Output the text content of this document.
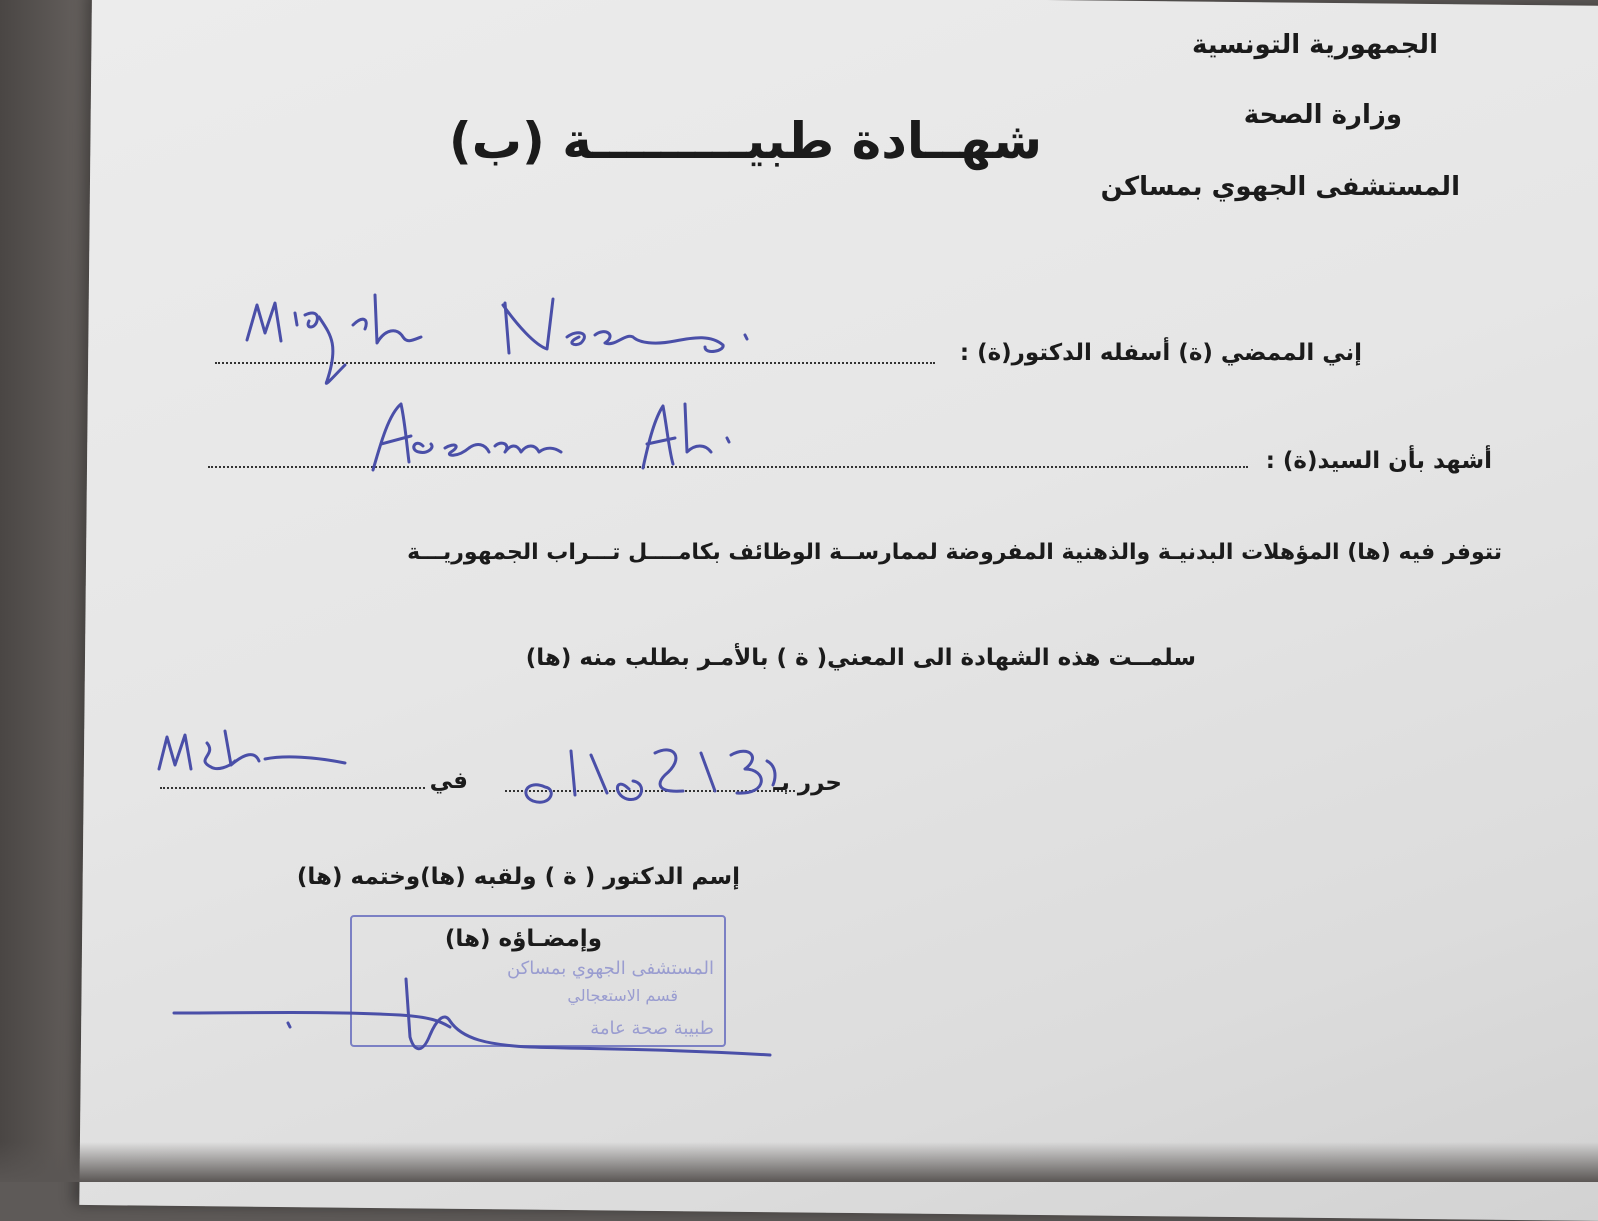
الجمهورية التونسية
وزارة الصحة
المستشفى الجهوي بمساكن
شهــادة طبيـــــــــة (ب)
إني الممضي (ة) أسفله الدكتور(ة) :
أشهد بأن السيد(ة) :
تتوفر فيه (ها) المؤهلات البدنيـة والذهنية المفروضة لممارســة الوظائف بكامــــل تـــراب الجمهوريـــة
سلمــت هذه الشهادة الى المعني( ة ) بالأمـر بطلب منه (ها)
حرر بـ
في
إسم الدكتور ( ة ) ولقبه (ها)وختمه (ها)
وإمضـاؤه (ها)
المستشفى الجهوي بمساكن
قسم الاستعجالي
طبيبة صحة عامة
